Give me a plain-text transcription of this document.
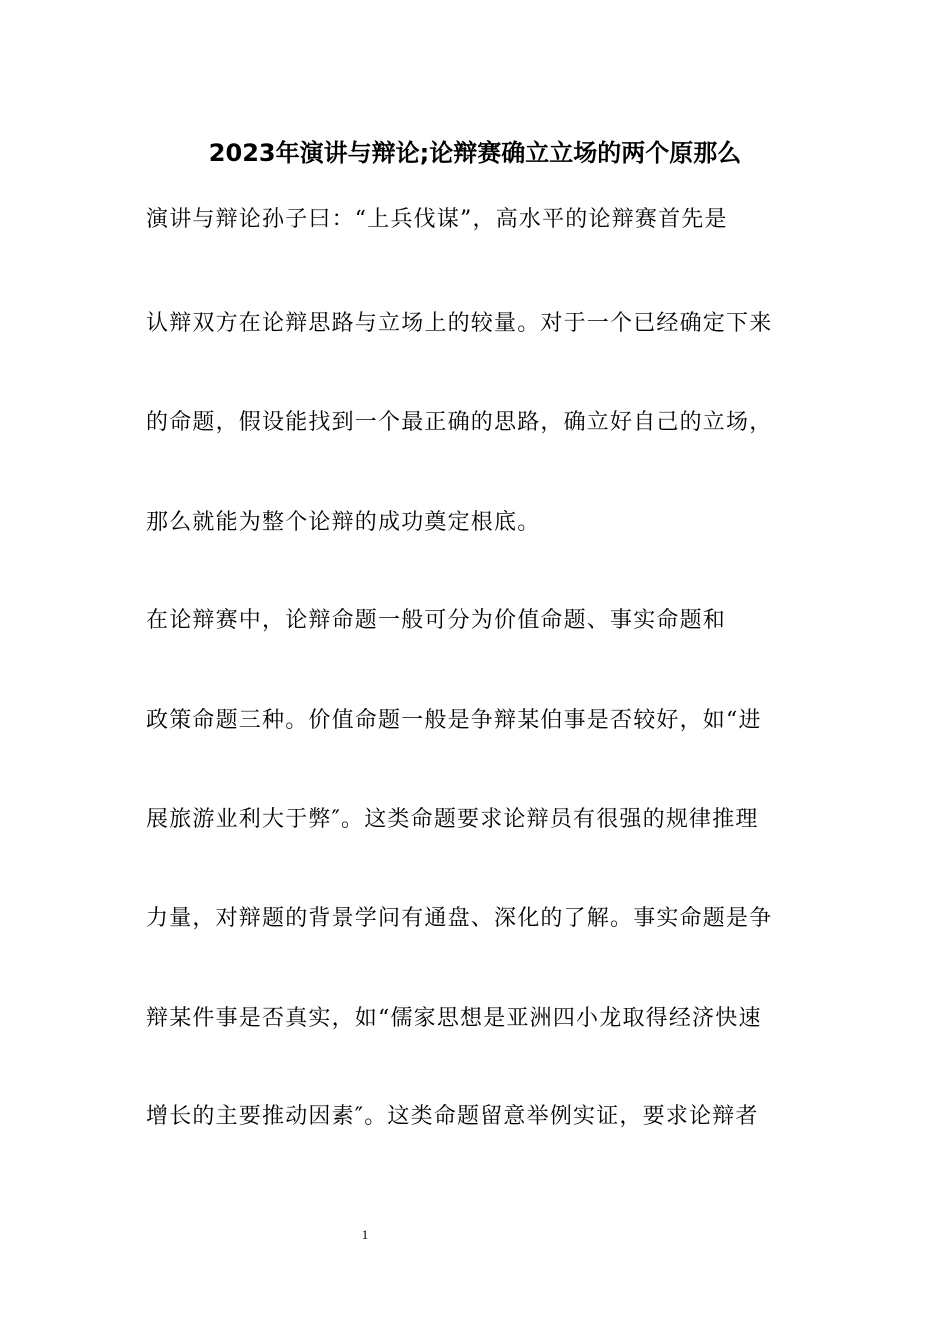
2023年演讲与辩论;论辩赛确立立场的两个原那么
演讲与辩论孙子曰：“上兵伐谋”，高水平的论辩赛首先是
认辩双方在论辩思路与立场上的较量。对于一个已经确定下来
的命题，假设能找到一个最正确的思路，确立好自己的立场，
那么就能为整个论辩的成功奠定根底。
在论辩赛中，论辩命题一般可分为价值命题、事实命题和
政策命题三种。价值命题一般是争辩某伯事是否较好，如“进
展旅游业利大于弊″。这类命题要求论辩员有很强的规律推理
力量，对辩题的背景学问有通盘、深化的了解。事实命题是争
辩某件事是否真实，如“儒家思想是亚洲四小龙取得经济快速
增长的主要推动因素″。这类命题留意举例实证，要求论辩者
1
